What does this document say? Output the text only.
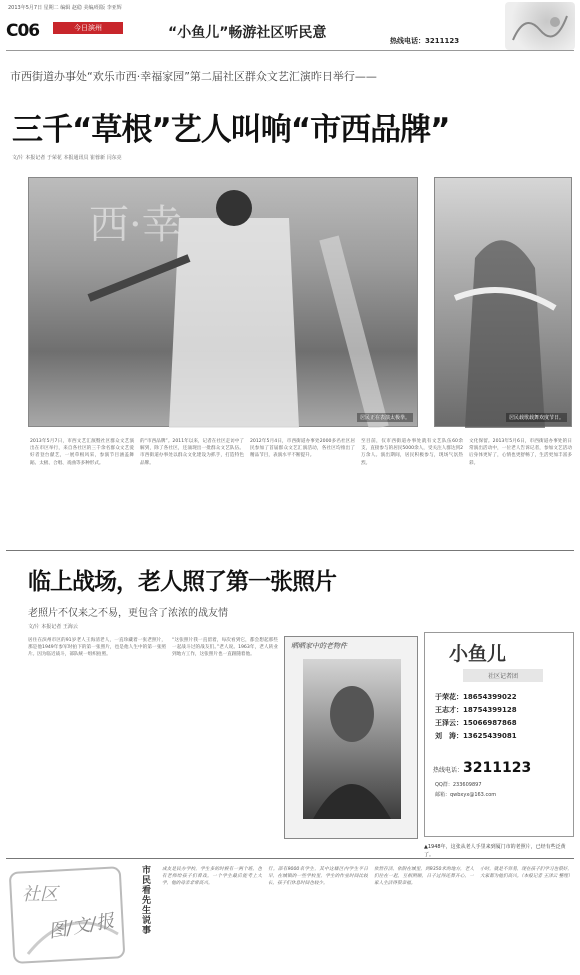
2013年5月7日 星期二 编辑 赵稳 美编/组版 李亚辉
C06	今日滨州	“小鱼儿”畅游社区听民意	热线电话：3211123
市西街道办事处“欢乐市西·幸福家园”第二届社区群众文艺汇演昨日举行——
三千“草根”艺人叫响“市西品牌”
文/片 本报记者 于荣花 本报通讯员 崔蓉新 闫东亮
西·幸
居民正在表演太极拳。	居民载歌载舞欢度节日。
2013年5月7日，市西文艺汇演暨社区群众文艺演出在市区举行，来自各社区的三千余名群众文艺爱好者登台献艺，一展草根风采，参演节目涵盖舞蹈、太极、合唱、戏曲等多种形式。
的“市西品牌”。2011年以来，记者在社区走访中了解到，除了各社区，还涌现出一批群众文艺队伍。市西街道办事处以群众文化建设为抓手，打造特色品牌。
2012年5月4日，市西街道办事处2000多名社区居民参加了首届群众文艺汇演活动，各社区均推出了精品节目，表演水平不断提升。
至目前，仅市西街道办事处就有文艺队伍60余支，直接参与的居民5000余人，受关注人群达到2万余人。演出期间，居民积极参与，现场气氛热烈。
文化保留。2013年5月6日，市西街道办事处的日常演出活动中，一位老人告诉记者，参加文艺活动后身体更好了，心情也更舒畅了，生活更加丰富多彩。
临上战场，老人照了第一张照片
老照片不仅来之不易，更包含了浓浓的战友情
文/片 本报记者 王海云
居住在滨州市区的91岁老人王海清老人，一直珍藏着一张老照片，那是他1949年参军时拍下的第一张照片，也是他人生中的第一张照片。因为临近战斗，部队统一组织拍照。
“这张照片我一直留着，每次看到它，都会想起那些一起战斗过的战友们。”老人说。1963年，老人转业到地方工作，这张照片也一直跟随着他。
晒晒家中的老物件
▲1948年，这张从老人手里来到厦门市的老照片，已经有些泛黄了。
小鱼儿
社区记者团
于荣花：18654399022
王志才：18754399128
王泽云：15066987868
刘　涛：13625439081
热线电话：3211123
QQ群：233609897
邮箱：qwbxyx@163.com
社区
图/文/报
市民看先生说事
成友是民办学校，学生多的时候有一两个班，也有老师给孩子们看戏。一个学生最后能考上大学，他的母亲非常高兴。
行。部有9000名学生，其中这辖区内学生平日早，在城镇的一些学校里，学生的作业时间比较长，孩子们休息时间也较少。
依然存活，依附在城里，到9350米的地方，老人们住在一起，互相照顾，日子过得还算开心，一家人生活得很幸福。
小时，就是不容易，现在孩子们学习也很好，大家都为他们高兴。（本报记者 王泽云 整理）
